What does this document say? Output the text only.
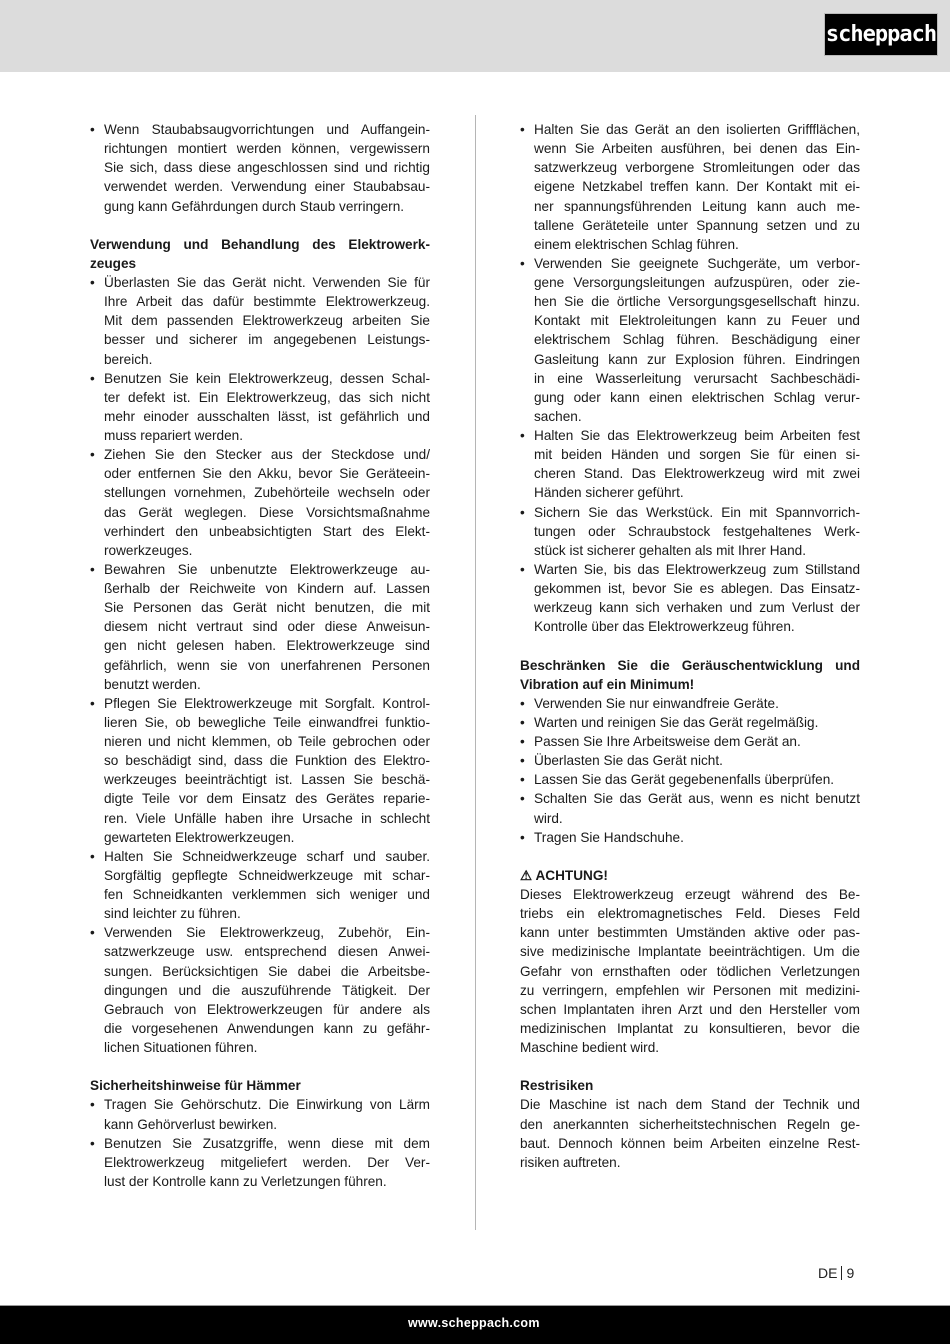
scheppach
• Wenn Staubabsaugvorrichtungen und Auffangein-
richtungen montiert werden können, vergewissern
Sie sich, dass diese angeschlossen sind und richtig
verwendet werden. Verwendung einer Staubabsau-
gung kann Gefährdungen durch Staub verringern.
Verwendung und Behandlung des Elektrowerk-
zeuges
• Überlasten Sie das Gerät nicht. Verwenden Sie für
Ihre Arbeit das dafür bestimmte Elektrowerkzeug.
Mit dem passenden Elektrowerkzeug arbeiten Sie
besser und sicherer im angegebenen Leistungs-
bereich.
• Benutzen Sie kein Elektrowerkzeug, dessen Schal-
ter defekt ist. Ein Elektrowerkzeug, das sich nicht
mehr einoder ausschalten lässt, ist gefährlich und
muss repariert werden.
• Ziehen Sie den Stecker aus der Steckdose und/
oder entfernen Sie den Akku, bevor Sie Geräteein-
stellungen vornehmen, Zubehörteile wechseln oder
das Gerät weglegen. Diese Vorsichtsmaßnahme
verhindert den unbeabsichtigten Start des Elekt-
rowerkzeuges.
• Bewahren Sie unbenutzte Elektrowerkzeuge au-
ßerhalb der Reichweite von Kindern auf. Lassen
Sie Personen das Gerät nicht benutzen, die mit
diesem nicht vertraut sind oder diese Anweisun-
gen nicht gelesen haben. Elektrowerkzeuge sind
gefährlich, wenn sie von unerfahrenen Personen
benutzt werden.
• Pflegen Sie Elektrowerkzeuge mit Sorgfalt. Kontrol-
lieren Sie, ob bewegliche Teile einwandfrei funktio-
nieren und nicht klemmen, ob Teile gebrochen oder
so beschädigt sind, dass die Funktion des Elektro-
werkzeuges beeinträchtigt ist. Lassen Sie beschä-
digte Teile vor dem Einsatz des Gerätes reparie-
ren. Viele Unfälle haben ihre Ursache in schlecht
gewarteten Elektrowerkzeugen.
• Halten Sie Schneidwerkzeuge scharf und sauber.
Sorgfältig gepflegte Schneidwerkzeuge mit schar-
fen Schneidkanten verklemmen sich weniger und
sind leichter zu führen.
• Verwenden Sie Elektrowerkzeug, Zubehör, Ein-
satzwerkzeuge usw. entsprechend diesen Anwei-
sungen. Berücksichtigen Sie dabei die Arbeitsbe-
dingungen und die auszuführende Tätigkeit. Der
Gebrauch von Elektrowerkzeugen für andere als
die vorgesehenen Anwendungen kann zu gefähr-
lichen Situationen führen.
Sicherheitshinweise für Hämmer
• Tragen Sie Gehörschutz. Die Einwirkung von Lärm
kann Gehörverlust bewirken.
• Benutzen Sie Zusatzgriffe, wenn diese mit dem
Elektrowerkzeug mitgeliefert werden. Der Ver-
lust der Kontrolle kann zu Verletzungen führen.
• Halten Sie das Gerät an den isolierten Griffflächen,
wenn Sie Arbeiten ausführen, bei denen das Ein-
satzwerkzeug verborgene Stromleitungen oder das
eigene Netzkabel treffen kann. Der Kontakt mit ei-
ner spannungsführenden Leitung kann auch me-
tallene Geräteteile unter Spannung setzen und zu
einem elektrischen Schlag führen.
• Verwenden Sie geeignete Suchgeräte, um verbor-
gene Versorgungsleitungen aufzuspüren, oder zie-
hen Sie die örtliche Versorgungsgesellschaft hinzu.
Kontakt mit Elektroleitungen kann zu Feuer und
elektrischem Schlag führen. Beschädigung einer
Gasleitung kann zur Explosion führen. Eindringen
in eine Wasserleitung verursacht Sachbeschädi-
gung oder kann einen elektrischen Schlag verur-
sachen.
• Halten Sie das Elektrowerkzeug beim Arbeiten fest
mit beiden Händen und sorgen Sie für einen si-
cheren Stand. Das Elektrowerkzeug wird mit zwei
Händen sicherer geführt.
• Sichern Sie das Werkstück. Ein mit Spannvorrich-
tungen oder Schraubstock festgehaltenes Werk-
stück ist sicherer gehalten als mit Ihrer Hand.
• Warten Sie, bis das Elektrowerkzeug zum Stillstand
gekommen ist, bevor Sie es ablegen. Das Einsatz-
werkzeug kann sich verhaken und zum Verlust der
Kontrolle über das Elektrowerkzeug führen.
Beschränken Sie die Geräuschentwicklung und
Vibration auf ein Minimum!
• Verwenden Sie nur einwandfreie Geräte.
• Warten und reinigen Sie das Gerät regelmäßig.
• Passen Sie Ihre Arbeitsweise dem Gerät an.
• Überlasten Sie das Gerät nicht.
• Lassen Sie das Gerät gegebenenfalls überprüfen.
• Schalten Sie das Gerät aus, wenn es nicht benutzt
wird.
• Tragen Sie Handschuhe.
⚠ ACHTUNG!
Dieses Elektrowerkzeug erzeugt während des Be-
triebs ein elektromagnetisches Feld. Dieses Feld
kann unter bestimmten Umständen aktive oder pas-
sive medizinische Implantate beeinträchtigen. Um die
Gefahr von ernsthaften oder tödlichen Verletzungen
zu verringern, empfehlen wir Personen mit medizini-
schen Implantaten ihren Arzt und den Hersteller vom
medizinischen Implantat zu konsultieren, bevor die
Maschine bedient wird.
Restrisiken
Die Maschine ist nach dem Stand der Technik und
den anerkannten sicherheitstechnischen Regeln ge-
baut. Dennoch können beim Arbeiten einzelne Rest-
risiken auftreten.
DE 9
www.scheppach.com
